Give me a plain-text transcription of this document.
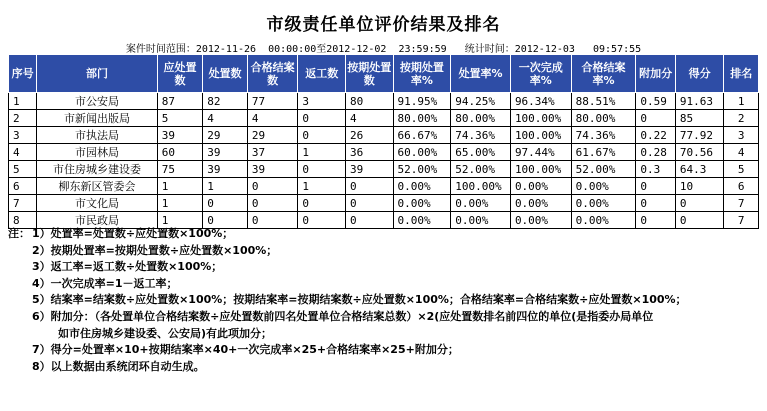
市级责任单位评价结果及排名
案件时间范围：2012-11-26  00:00:00至2012-12-02  23:59:59 统计时间：2012-12-03   09:57:55
序号	部门	应处置数	处置数	合格结案数	返工数	按期处置数	按期处置率%	处置率%	一次完成率%	合格结案率%	附加分	得分	排名
1	市公安局	87	82	77	3	80	91.95%	94.25%	96.34%	88.51%	0.59	91.63	1
2	市新闻出版局	5	4	4	0	4	80.00%	80.00%	100.00%	80.00%	0	85	2
3	市执法局	39	29	29	0	26	66.67%	74.36%	100.00%	74.36%	0.22	77.92	3
4	市园林局	60	39	37	1	36	60.00%	65.00%	97.44%	61.67%	0.28	70.56	4
5	市住房城乡建设委	75	39	39	0	39	52.00%	52.00%	100.00%	52.00%	0.3	64.3	5
6	柳东新区管委会	1	1	0	1	0	0.00%	100.00%	0.00%	0.00%	0	10	6
7	市文化局	1	0	0	0	0	0.00%	0.00%	0.00%	0.00%	0	0	7
8	市民政局	1	0	0	0	0	0.00%	0.00%	0.00%	0.00%	0	0	7
注： 1）处置率=处置数÷应处置数×100%；
2）按期处置率=按期处置数÷应处置数×100%；
3）返工率=返工数÷处置数×100%；
4）一次完成率=1－返工率；
5）结案率=结案数÷应处置数×100%；按期结案率=按期结案数÷应处置数×100%；合格结案率=合格结案数÷应处置数×100%；
6）附加分：（各处置单位合格结案数÷应处置数前四名处置单位合格结案总数）×2(应处置数排名前四位的单位(是指委办局单位
如市住房城乡建设委、公安局)有此项加分；
7）得分=处置率×10+按期结案率×40+一次完成率×25+合格结案率×25+附加分；
8）以上数据由系统闭环自动生成。
